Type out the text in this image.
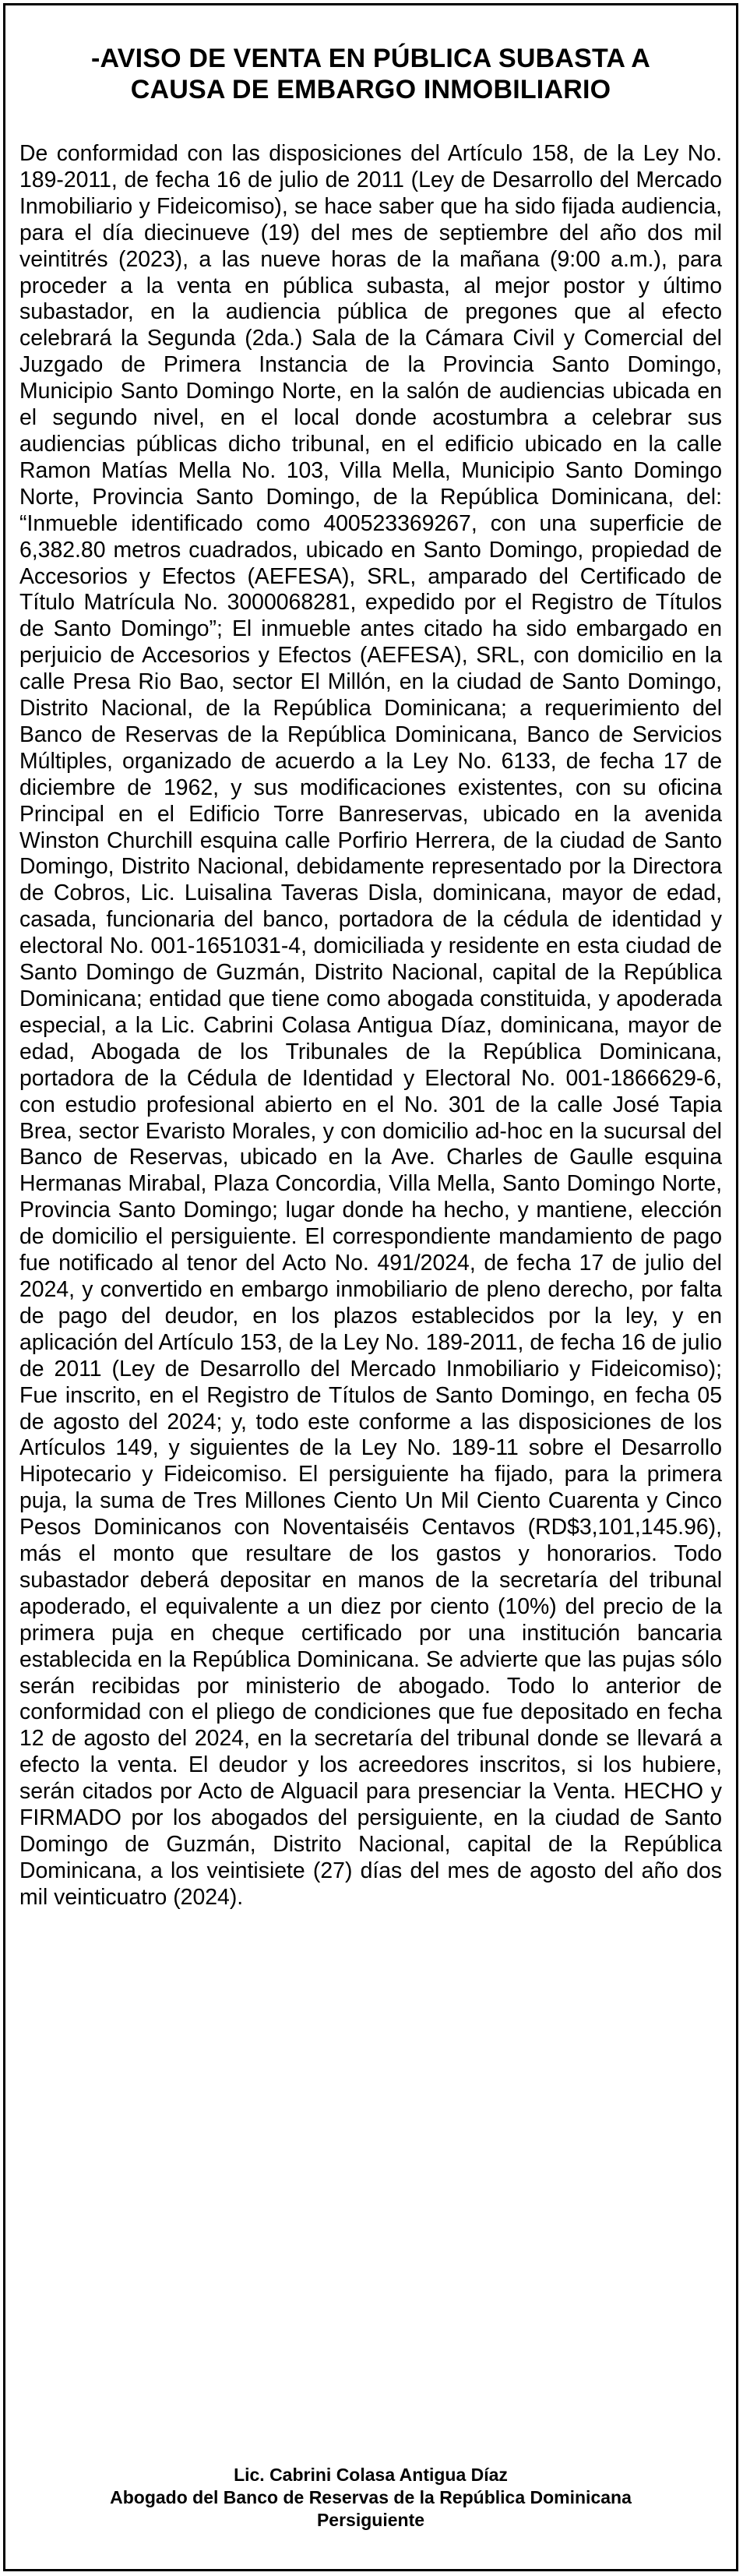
-AVISO DE VENTA EN PÚBLICA SUBASTA A
CAUSA DE EMBARGO INMOBILIARIO
De conformidad con las disposiciones del Artículo 158, de la Ley No. 189-2011, de fecha 16 de julio de 2011 (Ley de Desarrollo del Mercado Inmobiliario y Fideicomiso), se hace saber que ha sido fijada audiencia, para el día diecinueve (19) del mes de septiembre del año dos mil veintitrés (2023), a las nueve horas de la mañana (9:00 a.m.), para proceder a la venta en pública subasta, al mejor postor y último subastador, en la audiencia pública de pregones que al efecto celebrará la Segunda (2da.) Sala de la Cámara Civil y Comercial del Juzgado de Primera Instancia de la Provincia Santo Domingo, Municipio Santo Domingo Norte, en la salón de audiencias ubicada en el segundo nivel, en el local donde acostumbra a celebrar sus audiencias públicas dicho tribunal, en el edificio ubicado en la calle Ramon Matías Mella No. 103, Villa Mella, Municipio Santo Domingo Norte, Provincia Santo Domingo, de la República Dominicana, del: “Inmueble identificado como 400523369267, con una superficie de 6,382.80 metros cuadrados, ubicado en Santo Domingo, propiedad de Accesorios y Efectos (AEFESA), SRL, amparado del Certificado de Título Matrícula No. 3000068281, expedido por el Registro de Títulos de Santo Domingo”; El inmueble antes citado ha sido embargado en perjuicio de Accesorios y Efectos (AEFESA), SRL, con domicilio en la calle Presa Rio Bao, sector El Millón, en la ciudad de Santo Domingo, Distrito Nacional, de la República Dominicana; a requerimiento del Banco de Reservas de la República Dominicana, Banco de Servicios Múltiples, organizado de acuerdo a la Ley No. 6133, de fecha 17 de diciembre de 1962, y sus modificaciones existentes, con su oficina Principal en el Edificio Torre Banreservas, ubicado en la avenida Winston Churchill esquina calle Porfirio Herrera, de la ciudad de Santo Domingo, Distrito Nacional, debidamente representado por la Directora de Cobros, Lic. Luisalina Taveras Disla, dominicana, mayor de edad, casada, funcionaria del banco, portadora de la cédula de identidad y electoral No. 001-1651031-4, domiciliada y residente en esta ciudad de Santo Domingo de Guzmán, Distrito Nacional, capital de la República Dominicana; entidad que tiene como abogada constituida, y apoderada especial, a la Lic. Cabrini Colasa Antigua Díaz, dominicana, mayor de edad, Abogada de los Tribunales de la República Dominicana, portadora de la Cédula de Identidad y Electoral No. 001-1866629-6, con estudio profesional abierto en el No. 301 de la calle José Tapia Brea, sector Evaristo Morales, y con domicilio ad-hoc en la sucursal del Banco de Reservas, ubicado en la Ave. Charles de Gaulle esquina Hermanas Mirabal, Plaza Concordia, Villa Mella, Santo Domingo Norte, Provincia Santo Domingo; lugar donde ha hecho, y mantiene, elección de domicilio el persiguiente. El correspondiente mandamiento de pago fue notificado al tenor del Acto No. 491/2024, de fecha 17 de julio del 2024, y convertido en embargo inmobiliario de pleno derecho, por falta de pago del deudor, en los plazos establecidos por la ley, y en aplicación del Artículo 153, de la Ley No. 189-2011, de fecha 16 de julio de 2011 (Ley de Desarrollo del Mercado Inmobiliario y Fideicomiso); Fue inscrito, en el Registro de Títulos de Santo Domingo, en fecha 05 de agosto del 2024; y, todo este conforme a las disposiciones de los Artículos 149, y siguientes de la Ley No. 189-11 sobre el Desarrollo Hipotecario y Fideicomiso. El persiguiente ha fijado, para la primera puja, la suma de Tres Millones Ciento Un Mil Ciento Cuarenta y Cinco Pesos Dominicanos con Noventaiséis Centavos (RD$3,101,145.96), más el monto que resultare de los gastos y honorarios. Todo subastador deberá depositar en manos de la secretaría del tribunal apoderado, el equivalente a un diez por ciento (10%) del precio de la primera puja en cheque certificado por una institución bancaria establecida en la República Dominicana. Se advierte que las pujas sólo serán recibidas por ministerio de abogado. Todo lo anterior de conformidad con el pliego de condiciones que fue depositado en fecha 12 de agosto del 2024, en la secretaría del tribunal donde se llevará a efecto la venta. El deudor y los acreedores inscritos, si los hubiere, serán citados por Acto de Alguacil para presenciar la Venta. HECHO y FIRMADO por los abogados del persiguiente, en la ciudad de Santo Domingo de Guzmán, Distrito Nacional, capital de la República Dominicana, a los veintisiete (27) días del mes de agosto del año dos mil veinticuatro (2024).
Lic. Cabrini Colasa Antigua Díaz
Abogado del Banco de Reservas de la República Dominicana
Persiguiente
